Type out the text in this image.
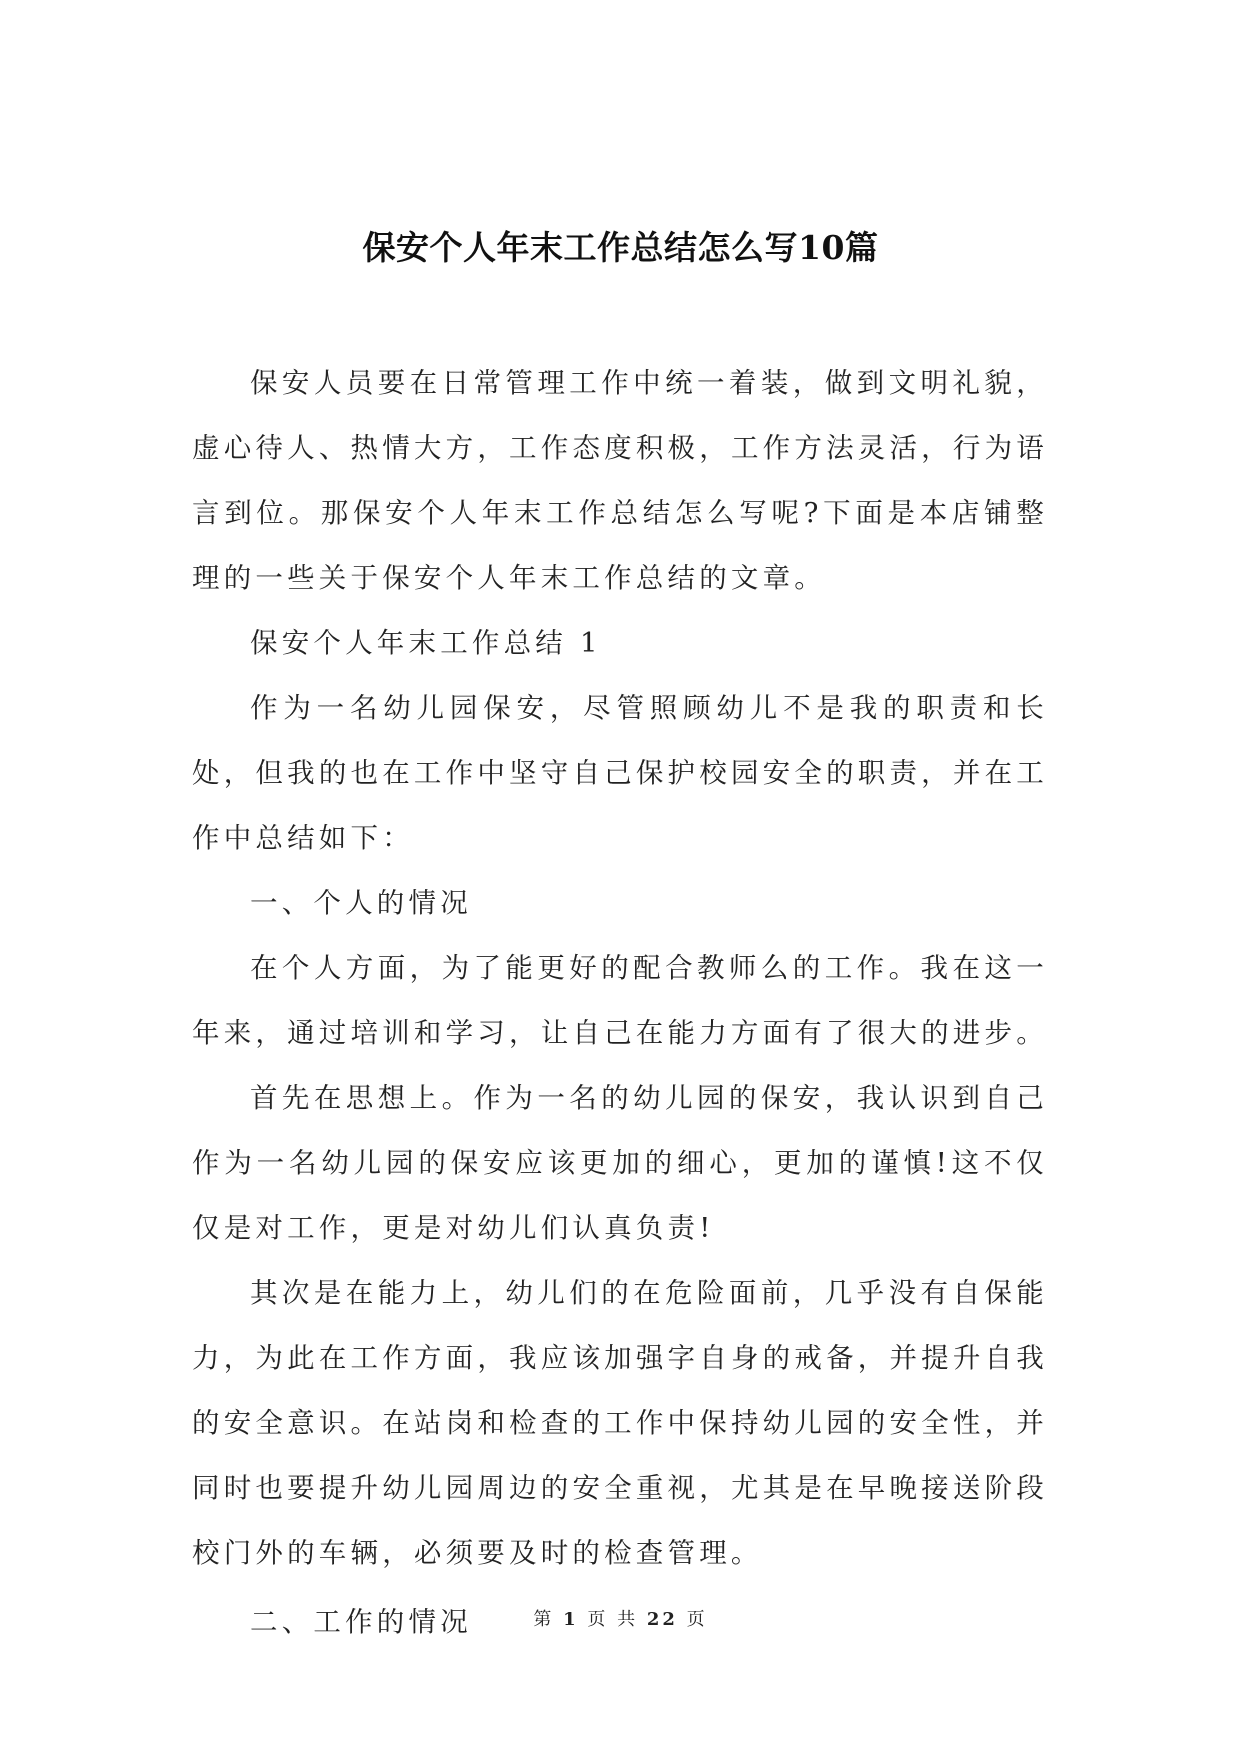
保安个人年末工作总结怎么写10篇

保安人员要在日常管理工作中统一着装，做到文明礼貌，虚心待人、热情大方，工作态度积极，工作方法灵活，行为语言到位。那保安个人年末工作总结怎么写呢?下面是本店铺整理的一些关于保安个人年末工作总结的文章。

保安个人年末工作总结 1

作为一名幼儿园保安，尽管照顾幼儿不是我的职责和长处，但我的也在工作中坚守自己保护校园安全的职责，并在工作中总结如下：

一、个人的情况

在个人方面，为了能更好的配合教师么的工作。我在这一年来，通过培训和学习，让自己在能力方面有了很大的进步。

首先在思想上。作为一名的幼儿园的保安，我认识到自己作为一名幼儿园的保安应该更加的细心，更加的谨慎!这不仅仅是对工作，更是对幼儿们认真负责!

其次是在能力上，幼儿们的在危险面前，几乎没有自保能力，为此在工作方面，我应该加强字自身的戒备，并提升自我的安全意识。在站岗和检查的工作中保持幼儿园的安全性，并同时也要提升幼儿园周边的安全重视，尤其是在早晚接送阶段校门外的车辆，必须要及时的检查管理。

二、工作的情况	第 1 页 共 22 页
